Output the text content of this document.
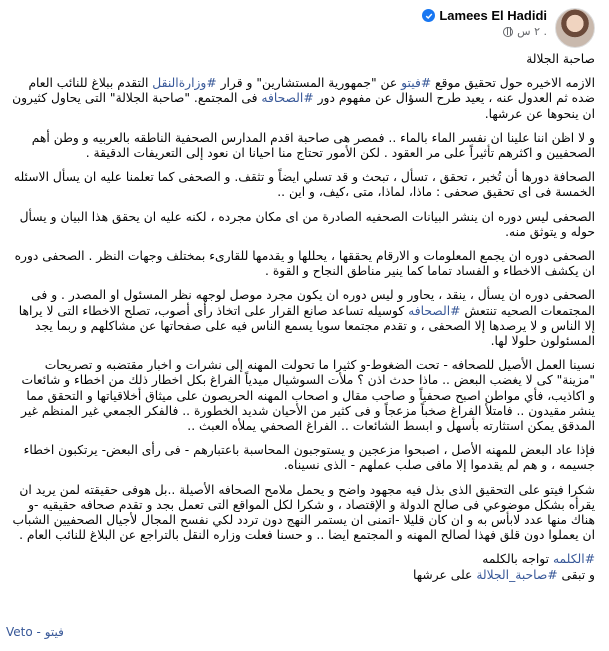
Lamees El Hadidi
٢ س .

صاحبة الجلالة

الازمه الاخيره حول تحقيق موقع #فيتو عن "جمهورية المستشارين" و قرار #وزارةالنقل التقدم ببلاغ للنائب العام ضده ثم العدول عنه ، يعيد طرح السؤال عن مفهوم دور #الصحافه فى المجتمع. "صاحبة الجلالة" التى يحاول كثيرون ان ينحوها عن عرشها.

و لا اظن اننا علينا ان نفسر الماء بالماء .. فمصر هى صاحبة اقدم المدارس الصحفية الناطقه بالعربيه و وطن أهم الصحفيين و اكثرهم تأثيراً على مر العقود . لكن الأمور تحتاج منا احيانا ان نعود إلى التعريفات الدقيقة .

الصحافة دورها أن تُخبر ، تحقق ، تسأل ، تبحث و قد تسلي ايضاً و تثقف. و الصحفى كما تعلمنا عليه ان يسأل الاسئله الخمسة فى اى تحقيق صحفى : ماذا، لماذا، متى ،كيف، و اين ..

الصحفى ليس دوره ان ينشر البيانات الصحفيه الصادرة من اى مكان مجرده ، لكنه عليه ان يحقق هذا البيان و يسأل حوله و يتوثق منه.

الصحفى دوره ان يجمع المعلومات و الارقام يحققها ، يحللها و يقدمها للقارىء بمختلف وجهات النظر . الصحفى دوره ان يكشف الاخطاء و الفساد تماما كما ينير مناطق النجاح و القوة .

الصحفى دوره ان يسأل ، ينقد ، يحاور و ليس دوره ان يكون مجرد موصل لوجهه نظر المسئول او المصدر . و فى المجتمعات الصحيه تنتعش #الصحافه كوسيله تساعد صانع القرار على اتخاذ رأى أصوب، تصلح الاخطاء التى لا يراها إلا الناس و لا يرصدها إلا الصحفى ، و تقدم مجتمعا سويا يسمع الناس فيه على صفحاتها عن مشاكلهم و ربما يجد المسئولون حلولا لها.

نسينا العمل الأصيل للصحافه - تحت الضغوط-و كثيرا ما تحولت المهنه إلى نشرات و اخبار مقتضبه و تصريحات "مزينة" كى لا يغضب البعض .. ماذا حدث اذن ؟ ملأت السوشيال ميدياً الفراغ بكل اخطار ذلك من اخطاء و شائعات و اكاذيب، فأي مواطن اصبح صحفياً و صاحب مقال و اصحاب المهنه الحريصون على ميثاق أخلاقياتها و التحقق مما ينشر مقيدون .. فامتلأ الفراغ صخباً مزعجاً و فى كثير من الأحيان شديد الخطورة .. فالفكر الجمعي غير المنظم غير المدقق يمكن استثارته بأسهل و ابسط الشائعات .. الفراغ الصحفي يملأه العبث ..

فإذا عاد البعض للمهنه الأصل ، اصبحوا مزعجين و يستوجبون المحاسبة باعتبارهم - فى رأى البعض- يرتكبون اخطاء جسيمه ، و هم لم يقدموا إلا مافى صلب عملهم - الذى نسيناه.

شكرا فيتو على التحقيق الذى بذل فيه مجهود واضح و يحمل ملامح الصحافه الأصيلة ..بل هوفى حقيقته لمن يريد ان يقرأه بشكل موضوعي فى صالح الدولة و الإقتصاد ، و شكرا لكل المواقع التى تعمل بجد و تقدم صحافه حقيقيه -و هناك منها عدد لابأس به و ان كان قليلا -اتمنى ان يستمر النهج دون تردد لكي نفسح المجال لأجيال الصحفيين الشباب ان يعملوا دون قلق فهذا لصالح المهنه و المجتمع ايضا .. و حسنا فعلت وزاره النقل بالتراجع عن البلاغ للنائب العام .

#الكلمه تواجه بالكلمه
و تبقى #صاحبة_الجلالة على عرشها

Veto - فيتو
